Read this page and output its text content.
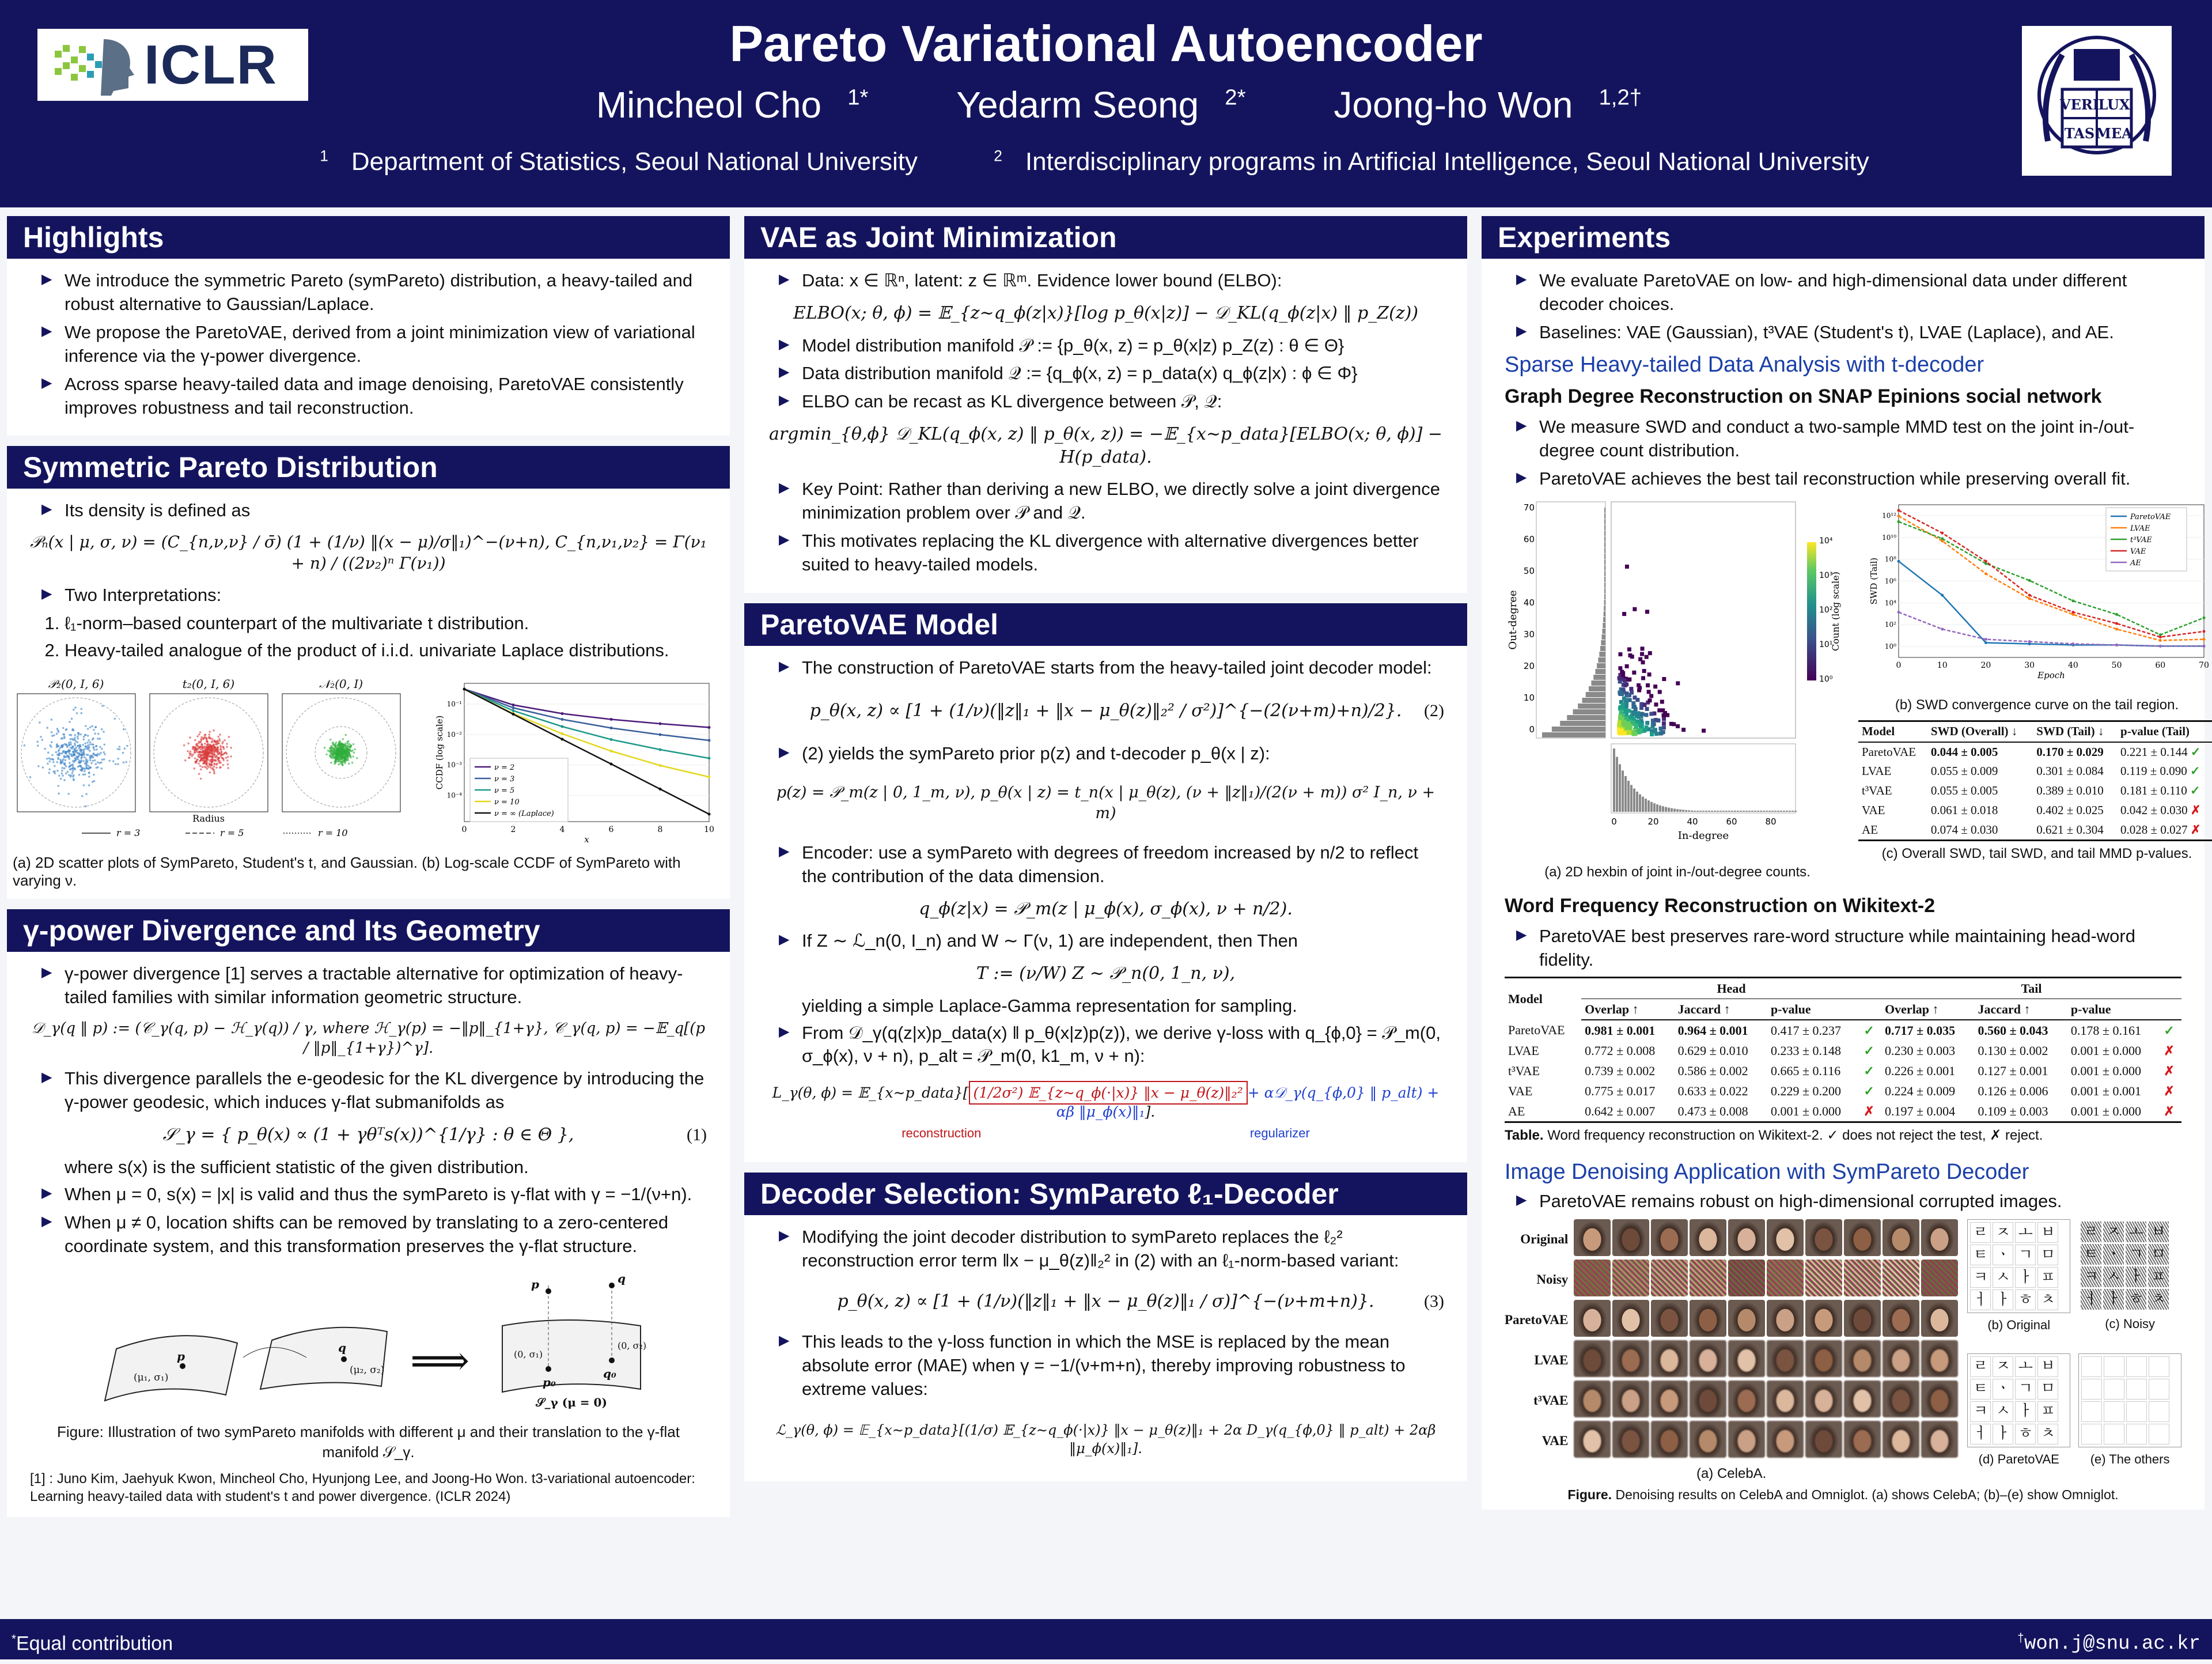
ICLR	Pareto Variational Autoencoder
Mincheol Cho $^{1*}$ Yedarm Seong $^{2*}$ Joong-ho Won $^{1,2\dagger}$
$^1$ Department of Statistics, Seoul National University	$^2$ Interdisciplinary programs in Artificial Intelligence, Seoul National University
VERI
LUX
TAS MEA
Highlights
▶ We introduce the symmetric Pareto (symPareto) distribution, a heavy-tailed and robust alternative to Gaussian/Laplace.
▶ We propose the ParetoVAE, derived from a joint minimization view of variational inference via the γ-power divergence.
▶ Across sparse heavy-tailed data and image denoising, ParetoVAE consistently improves robustness and tail reconstruction.
Symmetric Pareto Distribution
▶ Its density is defined as
𝒫ₙ(x | μ, σ, ν) = (C_{n,ν,ν} / σ̄) (1 + (1/ν) ‖(x − μ)/σ‖₁)^−(ν+n), C_{n,ν₁,ν₂} = Γ(ν₁ + n) / ((2ν₂)ⁿ Γ(ν₁))
▶ Two Interpretations:
1. ℓ₁-norm–based counterpart of the multivariate t distribution.
2. Heavy-tailed analogue of the product of i.i.d. univariate Laplace distributions.
𝒫₂(0, I, 6)	t₂(0, I, 6)	𝒩₂(0, I)
Radius
r = 3	r = 5	r = 10	0	2	4	6	8	10
10⁻¹
10⁻²
10⁻³
10⁻⁴
x
CCDF (log scale)	ν = 2
ν = 3
ν = 5
ν = 10
ν = ∞ (Laplace)
(a) 2D scatter plots of SymPareto, Student's t, and Gaussian. (b) Log-scale CCDF of SymPareto with varying ν.
γ-power Divergence and Its Geometry
▶ γ-power divergence [1] serves a tractable alternative for optimization of heavy-tailed families with similar information geometric structure.
𝒟_γ(q ‖ p) := (𝒞_γ(q, p) − ℋ_γ(q)) / γ, where ℋ_γ(p) = −‖p‖_{1+γ}, 𝒞_γ(q, p) = −𝔼_q[(p / ‖p‖_{1+γ})^γ].
▶ This divergence parallels the e-geodesic for the KL divergence by introducing the γ-power geodesic, which induces γ-flat submanifolds as
𝒮_γ = { p_θ(x) ∝ (1 + γθᵀs(x))^{1/γ} : θ ∈ Θ },	(1)
where s(x) is the sufficient statistic of the given distribution.
▶ When μ = 0, s(x) = |x| is valid and thus the symPareto is γ-flat with γ = −1/(ν+n).
▶ When μ ≠ 0, location shifts can be removed by translating to a zero-centered coordinate system, and this transformation preserves the γ-flat structure.
p
q
(μ₁, σ₁)
(μ₂, σ₂) ⟹
p	q
(0, σ₁)
(0, σ₂)
p₀
q₀
𝒮_γ (μ = 0)
Figure: Illustration of two symPareto manifolds with different μ and their translation to the γ-flat manifold 𝒮_γ.
[1] : Juno Kim, Jaehyuk Kwon, Mincheol Cho, Hyunjong Lee, and Joong-Ho Won. t3-variational autoencoder: Learning heavy-tailed data with student's t and power divergence. (ICLR 2024)
VAE as Joint Minimization
▶ Data: x ∈ ℝⁿ, latent: z ∈ ℝᵐ. Evidence lower bound (ELBO):
ELBO(x; θ, ϕ) = 𝔼_{z∼q_ϕ(z|x)}[log p_θ(x|z)] − 𝒟_KL(q_ϕ(z|x) ‖ p_Z(z))
▶ Model distribution manifold 𝒫 := {p_θ(x, z) = p_θ(x|z) p_Z(z) : θ ∈ Θ}
▶ Data distribution manifold 𝒬 := {q_ϕ(x, z) = p_data(x) q_ϕ(z|x) : ϕ ∈ Φ}
▶ ELBO can be recast as KL divergence between 𝒫, 𝒬:
argmin_{θ,ϕ} 𝒟_KL(q_ϕ(x, z) ‖ p_θ(x, z)) = −𝔼_{x∼p_data}[ELBO(x; θ, ϕ)] − H(p_data).
▶ Key Point: Rather than deriving a new ELBO, we directly solve a joint divergence minimization problem over 𝒫 and 𝒬.
▶ This motivates replacing the KL divergence with alternative divergences better suited to heavy-tailed models.
ParetoVAE Model
▶ The construction of ParetoVAE starts from the heavy-tailed joint decoder model:
p_θ(x, z) ∝ [1 + (1/ν)(‖z‖₁ + ‖x − μ_θ(z)‖₂² / σ²)]^{−(2(ν+m)+n)/2}. (2)
▶ (2) yields the symPareto prior p(z) and t-decoder p_θ(x | z):
p(z) = 𝒫_m(z | 0, 1_m, ν), p_θ(x | z) = t_n(x | μ_θ(z), (ν + ‖z‖₁)/(2(ν + m)) σ² I_n, ν + m)
▶ Encoder: use a symPareto with degrees of freedom increased by n/2 to reflect the contribution of the data dimension.
q_ϕ(z|x) = 𝒫_m(z | μ_ϕ(x), σ_ϕ(x), ν + n/2).
▶ If Z ∼ ℒ_n(0, I_n) and W ∼ Γ(ν, 1) are independent, then Then
T := (ν/W) Z ∼ 𝒫_n(0, 1_n, ν),
yielding a simple Laplace-Gamma representation for sampling.
▶ From 𝒟_γ(q(z|x)p_data(x) ‖ p_θ(x|z)p(z)), we derive γ-loss with q_{ϕ,0} = 𝒫_m(0, σ_ϕ(x), ν + n), p_alt = 𝒫_m(0, k1_m, ν + n):
L_γ(θ, ϕ) = 𝔼_{x∼p_data}[ (1/2σ²) 𝔼_{z∼q_ϕ(·|x)} ‖x − μ_θ(z)‖₂² + α𝒟_γ(q_{ϕ,0} ‖ p_alt) + αβ ‖μ_ϕ(x)‖₁].
reconstruction	regularizer
Decoder Selection: SymPareto ℓ₁-Decoder
▶ Modifying the joint decoder distribution to symPareto replaces the ℓ₂² reconstruction error term ‖x − μ_θ(z)‖₂² in (2) with an ℓ₁-norm-based variant:
p_θ(x, z) ∝ [1 + (1/ν)(‖z‖₁ + ‖x − μ_θ(z)‖₁ / σ)]^{−(ν+m+n)}.	(3)
▶ This leads to the γ-loss function in which the MSE is replaced by the mean absolute error (MAE) when γ = −1/(ν+m+n), thereby improving robustness to extreme values:
ℒ_γ(θ, ϕ) = 𝔼_{x∼p_data}[(1/σ) 𝔼_{z∼q_ϕ(·|x)} ‖x − μ_θ(z)‖₁ + 2α D_γ(q_{ϕ,0} ‖ p_alt) + 2αβ ‖μ_ϕ(x)‖₁].
Experiments
▶ We evaluate ParetoVAE on low- and high-dimensional data under different decoder choices.
▶ Baselines: VAE (Gaussian), t³VAE (Student's t), LVAE (Laplace), and AE.
Sparse Heavy-tailed Data Analysis with t-decoder
Graph Degree Reconstruction on SNAP Epinions social network
▶ We measure SWD and conduct a two-sample MMD test on the joint in-/out-degree count distribution.
▶ ParetoVAE achieves the best tail reconstruction while preserving overall fit.
0
10
20
30
40
50
60
70
0	20	40	60	80
Out-degree
In-degree
10⁰
10¹
10²
10³
10⁴
Count (log scale)
(a) 2D hexbin of joint in-/out-degree counts.
0	10	20	30	40	50	60	70
10⁰
10²
10⁴
10⁶
10⁸
10¹⁰
10¹²
Epoch
SWD (Tail)
ParetoVAE
LVAE
t³VAE
VAE
AE
(b) SWD convergence curve on the tail region.
Model	SWD (Overall) ↓	SWD (Tail) ↓	p-value (Tail)
ParetoVAE	0.044 ± 0.005	0.170 ± 0.029	0.221 ± 0.144 ✓
LVAE	0.055 ± 0.009	0.301 ± 0.084	0.119 ± 0.090 ✓
t³VAE	0.055 ± 0.005	0.389 ± 0.010	0.181 ± 0.110 ✓
VAE	0.061 ± 0.018	0.402 ± 0.025	0.042 ± 0.030 ✗
AE	0.074 ± 0.030	0.621 ± 0.304	0.028 ± 0.027 ✗
(c) Overall SWD, tail SWD, and tail MMD p-values.
Word Frequency Reconstruction on Wikitext-2
▶ ParetoVAE best preserves rare-word structure while maintaining head-word fidelity.
Model	Head				Tail			
	Overlap ↑	Jaccard ↑	p-value		Overlap ↑	Jaccard ↑	p-value	
ParetoVAE	0.981 ± 0.001	0.964 ± 0.001	0.417 ± 0.237	✓	0.717 ± 0.035	0.560 ± 0.043	0.178 ± 0.161	✓
LVAE	0.772 ± 0.008	0.629 ± 0.010	0.233 ± 0.148	✓	0.230 ± 0.003	0.130 ± 0.002	0.001 ± 0.000	✗
t³VAE	0.739 ± 0.002	0.586 ± 0.002	0.665 ± 0.116	✓	0.226 ± 0.001	0.127 ± 0.001	0.001 ± 0.000	✗
VAE	0.775 ± 0.017	0.633 ± 0.022	0.229 ± 0.200	✓	0.224 ± 0.009	0.126 ± 0.006	0.001 ± 0.001	✗
AE	0.642 ± 0.007	0.473 ± 0.008	0.001 ± 0.000	✗	0.197 ± 0.004	0.109 ± 0.003	0.001 ± 0.000	✗
Table. Word frequency reconstruction on Wikitext-2. ✓ does not reject the test, ✗ reject.
Image Denoising Application with SymPareto Decoder
▶ ParetoVAE remains robust on high-dimensional corrupted images.
Original
Noisy
ParetoVAE
LVAE
t³VAE
VAE
(a) CelebA.
ㄹ ㅈ ㅗ ㅂ
ㅌ ㆍ ㄱ ㅁ
ㅋ ㅅ ㅏ ㅍ
ㅓ ㅏ ㅎ ㅊ
(b) Original
ㄹ ㅈ ㅗ ㅂ
ㅌ ㆍ ㄱ ㅁ
ㅋ ㅅ ㅏ ㅍ
ㅓ ㅏ ㅎ ㅊ
(c) Noisy
ㄹ ㅈ ㅗ ㅂ
ㅌ ㆍ ㄱ ㅁ
ㅋ ㅅ ㅏ ㅍ
ㅓ ㅏ ㅎ ㅊ
(d) ParetoVAE	(e) The others
Figure. Denoising results on CelebA and Omniglot. (a) shows CelebA; (b)–(e) show Omniglot.
*Equal contribution	†won.j@snu.ac.kr
